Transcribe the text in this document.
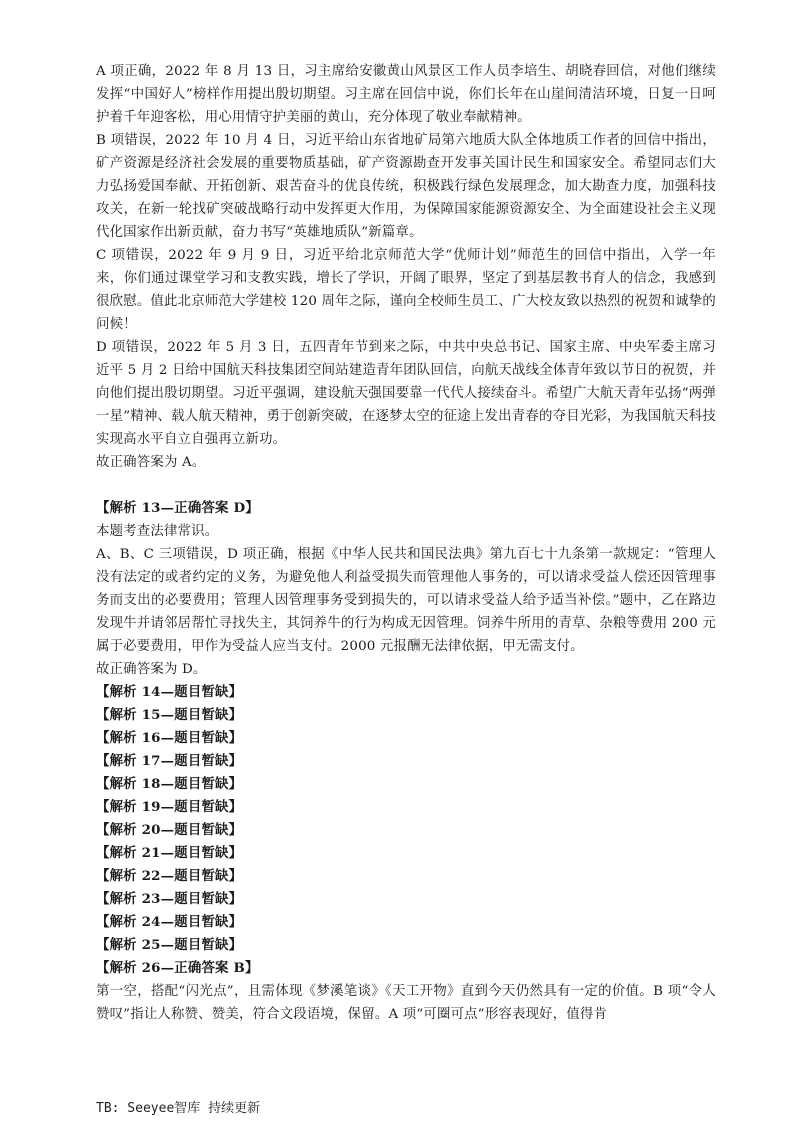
A 项正确，2022 年 8 月 13 日，习主席给安徽黄山风景区工作人员李培生、胡晓春回信，对他们继续发挥“中国好人”榜样作用提出殷切期望。习主席在回信中说，你们长年在山崖间清洁环境，日复一日呵护着千年迎客松，用心用情守护美丽的黄山，充分体现了敬业奉献精神。

B 项错误，2022 年 10 月 4 日，习近平给山东省地矿局第六地质大队全体地质工作者的回信中指出，矿产资源是经济社会发展的重要物质基础，矿产资源勘查开发事关国计民生和国家安全。希望同志们大力弘扬爱国奉献、开拓创新、艰苦奋斗的优良传统，积极践行绿色发展理念，加大勘查力度，加强科技攻关，在新一轮找矿突破战略行动中发挥更大作用，为保障国家能源资源安全、为全面建设社会主义现代化国家作出新贡献，奋力书写“英雄地质队”新篇章。

C 项错误，2022 年 9 月 9 日，习近平给北京师范大学“优师计划”师范生的回信中指出，入学一年来，你们通过课堂学习和支教实践，增长了学识，开阔了眼界，坚定了到基层教书育人的信念，我感到很欣慰。值此北京师范大学建校 120 周年之际，谨向全校师生员工、广大校友致以热烈的祝贺和诚挚的问候！

D 项错误，2022 年 5 月 3 日，五四青年节到来之际，中共中央总书记、国家主席、中央军委主席习近平 5 月 2 日给中国航天科技集团空间站建造青年团队回信，向航天战线全体青年致以节日的祝贺，并向他们提出殷切期望。习近平强调，建设航天强国要靠一代代人接续奋斗。希望广大航天青年弘扬“两弹一星”精神、载人航天精神，勇于创新突破，在逐梦太空的征途上发出青春的夺目光彩，为我国航天科技实现高水平自立自强再立新功。

故正确答案为 A。

【解析 13—正确答案 D】

本题考查法律常识。

A、B、C 三项错误，D 项正确，根据《中华人民共和国民法典》第九百七十九条第一款规定：“管理人没有法定的或者约定的义务，为避免他人利益受损失而管理他人事务的，可以请求受益人偿还因管理事务而支出的必要费用；管理人因管理事务受到损失的，可以请求受益人给予适当补偿。”题中，乙在路边发现牛并请邻居帮忙寻找失主，其饲养牛的行为构成无因管理。饲养牛所用的青草、杂粮等费用 200 元属于必要费用，甲作为受益人应当支付。2000 元报酬无法律依据，甲无需支付。

故正确答案为 D。

【解析 14—题目暂缺】

【解析 15—题目暂缺】

【解析 16—题目暂缺】

【解析 17—题目暂缺】

【解析 18—题目暂缺】

【解析 19—题目暂缺】

【解析 20—题目暂缺】

【解析 21—题目暂缺】

【解析 22—题目暂缺】

【解析 23—题目暂缺】

【解析 24—题目暂缺】

【解析 25—题目暂缺】

【解析 26—正确答案 B】

第一空，搭配“闪光点”，且需体现《梦溪笔谈》《天工开物》直到今天仍然具有一定的价值。B 项“令人赞叹”指让人称赞、赞美，符合文段语境，保留。A 项“可圈可点”形容表现好，值得肯

TB: Seeyee智库 持续更新
